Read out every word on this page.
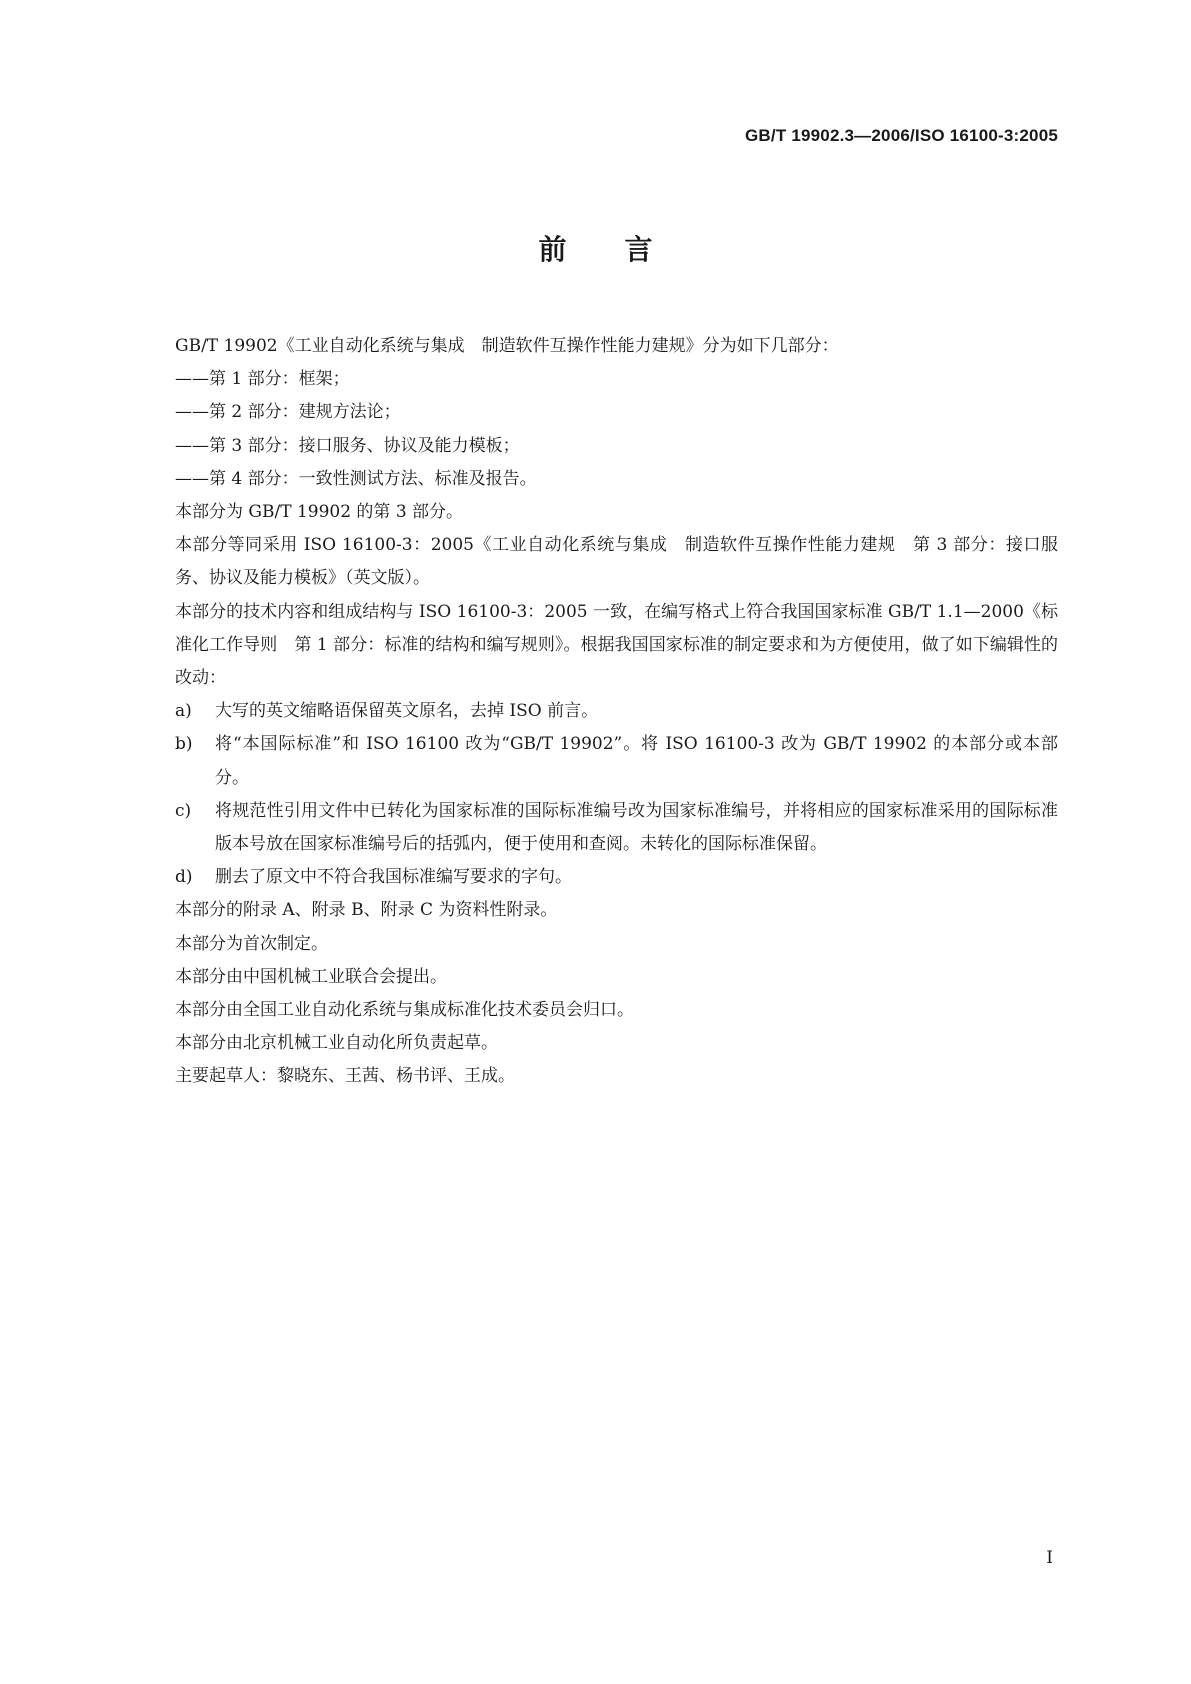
GB/T 19902.3—2006/ISO 16100-3:2005
前言

GB/T 19902《工业自动化系统与集成　制造软件互操作性能力建规》分为如下几部分：

——第 1 部分：框架；

——第 2 部分：建规方法论；

——第 3 部分：接口服务、协议及能力模板；

——第 4 部分：一致性测试方法、标准及报告。

本部分为 GB/T 19902 的第 3 部分。

本部分等同采用 ISO 16100-3：2005《工业自动化系统与集成　制造软件互操作性能力建规　第 3 部分：接口服务、协议及能力模板》（英文版）。

本部分的技术内容和组成结构与 ISO 16100-3：2005 一致，在编写格式上符合我国国家标准 GB/T 1.1—2000《标准化工作导则　第 1 部分：标准的结构和编写规则》。根据我国国家标准的制定要求和为方便使用，做了如下编辑性的改动：

a)	大写的英文缩略语保留英文原名，去掉 ISO 前言。
b)	将“本国际标准”和 ISO 16100 改为“GB/T 19902”。将 ISO 16100-3 改为 GB/T 19902 的本部分或本部分。
c)	将规范性引用文件中已转化为国家标准的国际标准编号改为国家标准编号，并将相应的国家标准采用的国际标准版本号放在国家标准编号后的括弧内，便于使用和查阅。未转化的国际标准保留。
d)	删去了原文中不符合我国标准编写要求的字句。

本部分的附录 A、附录 B、附录 C 为资料性附录。

本部分为首次制定。

本部分由中国机械工业联合会提出。

本部分由全国工业自动化系统与集成标准化技术委员会归口。

本部分由北京机械工业自动化所负责起草。

主要起草人：黎晓东、王茜、杨书评、王成。

I
